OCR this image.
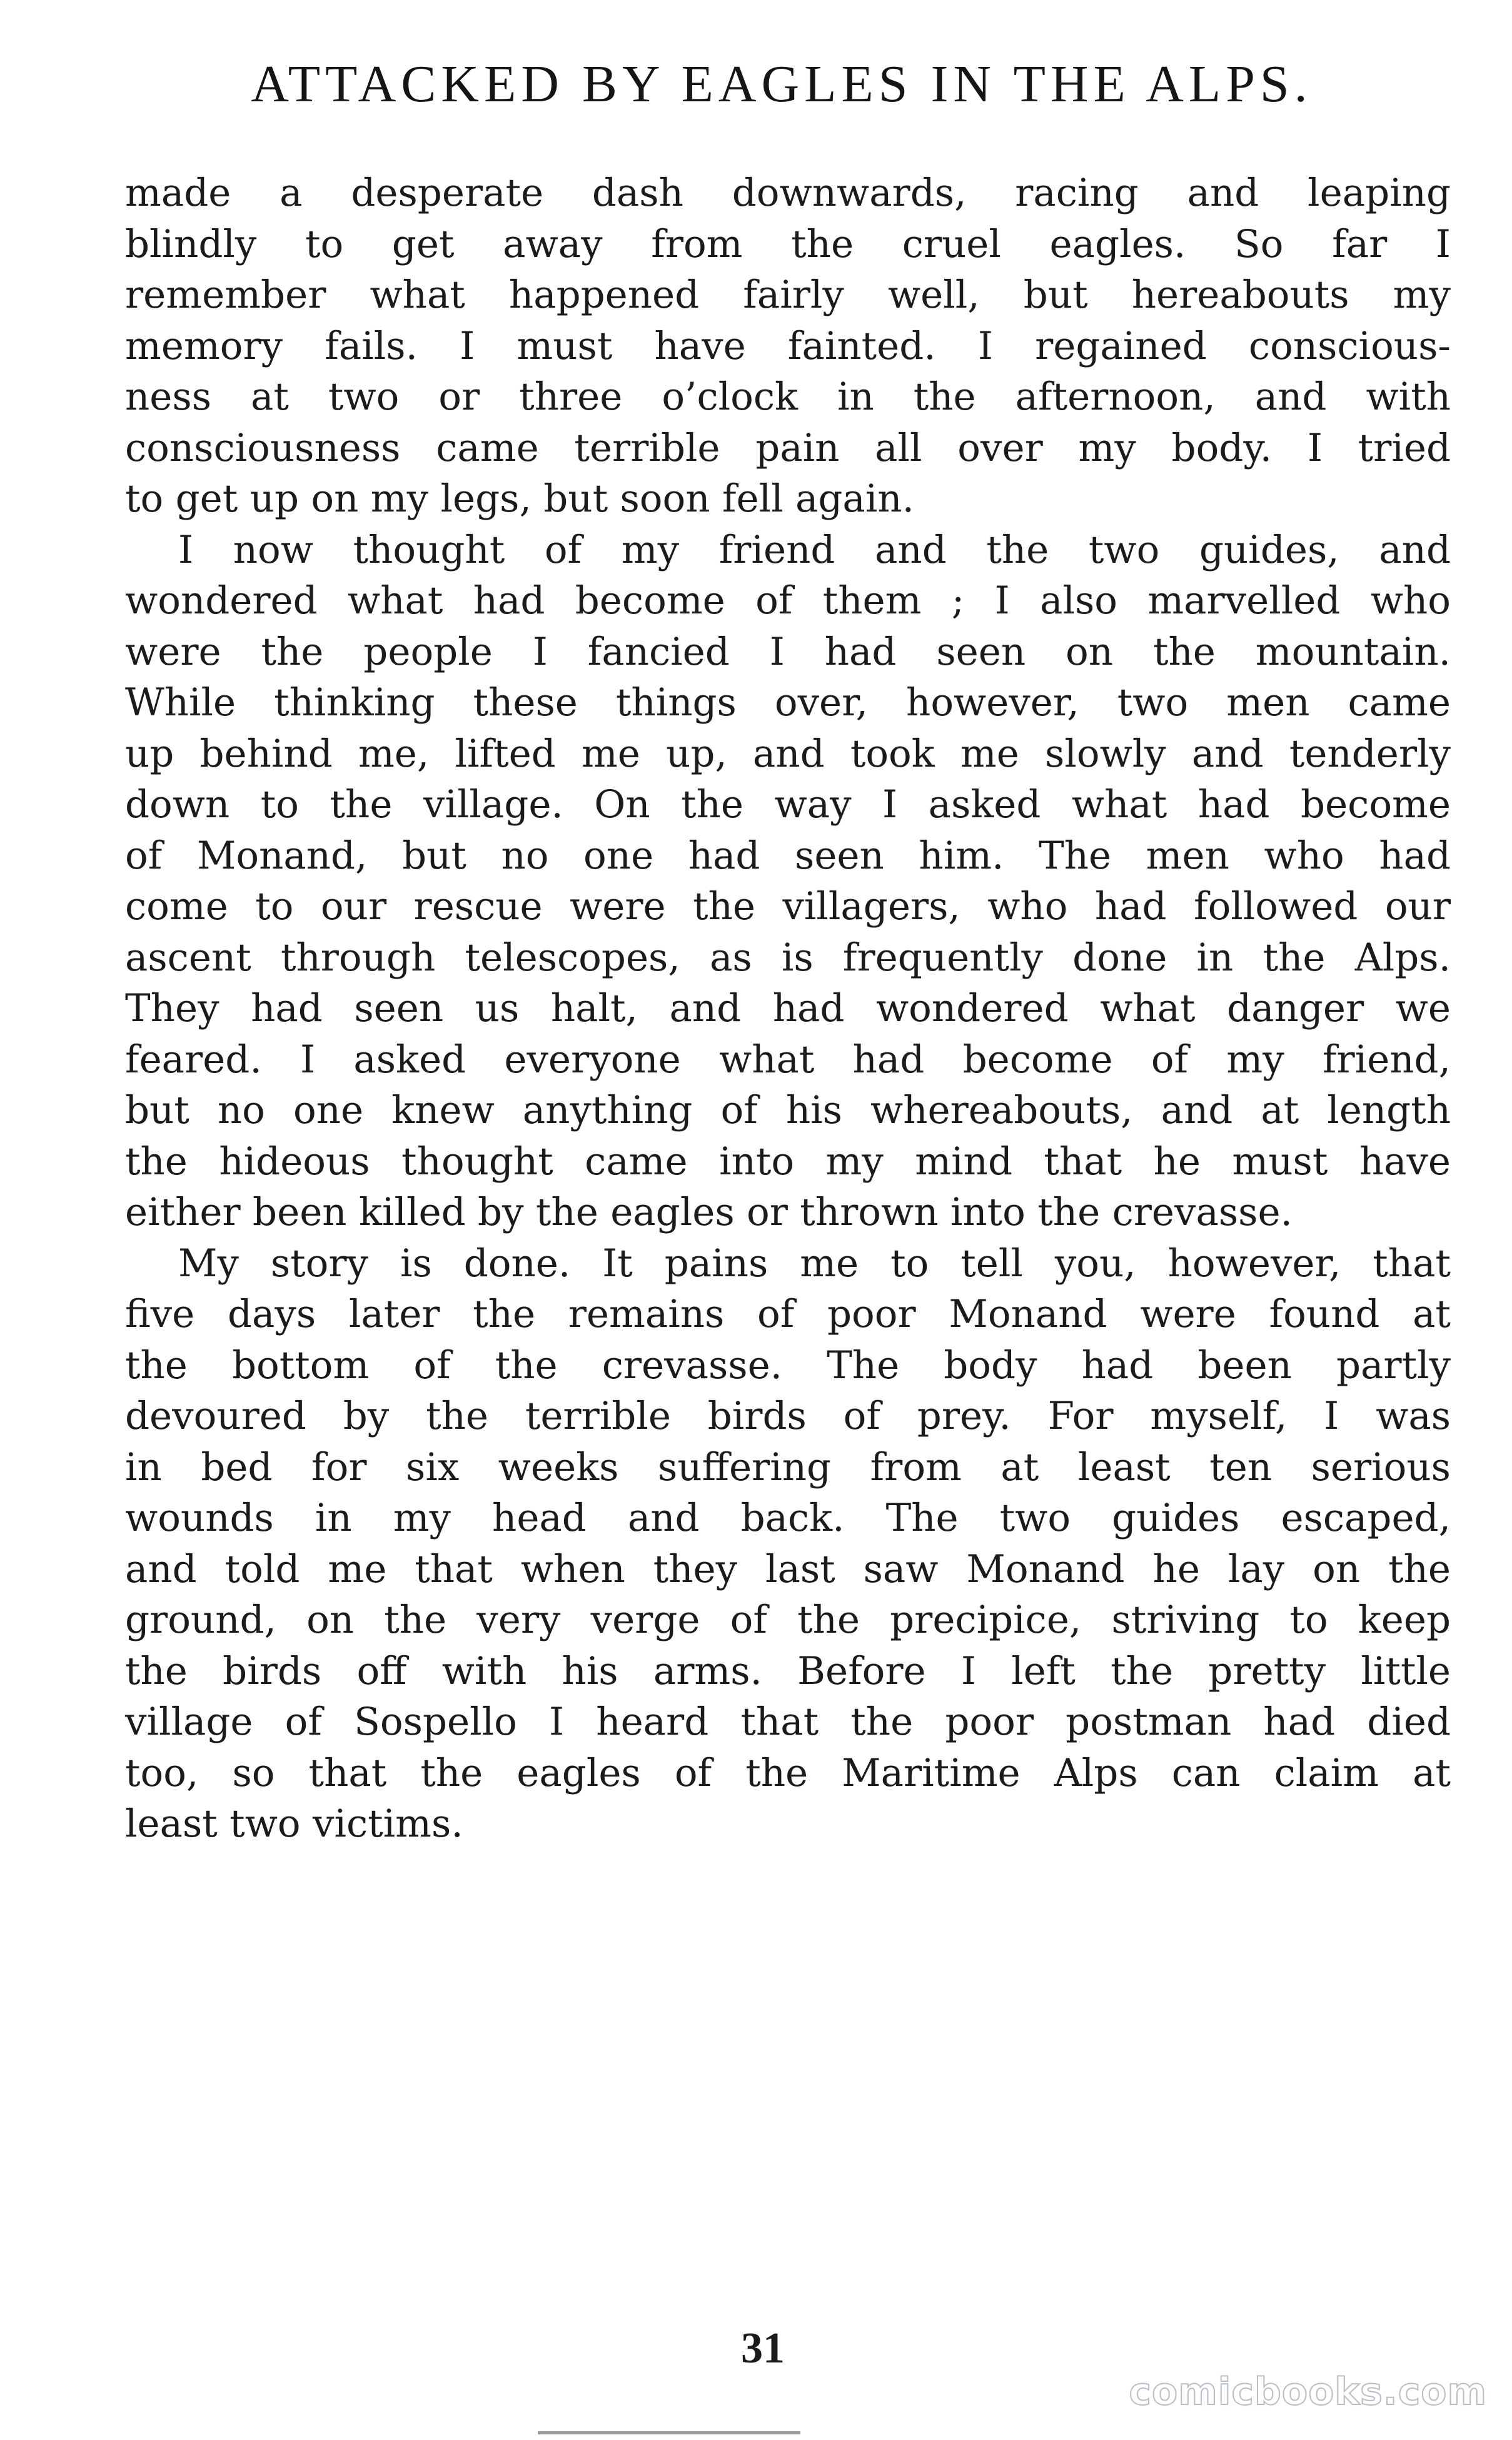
ATTACKED BY EAGLES IN THE ALPS.
made a desperate dash downwards, racing and leaping
blindly to get away from the cruel eagles. So far I
remember what happened fairly well, but hereabouts my
memory fails. I must have fainted. I regained conscious-
ness at two or three o’clock in the afternoon, and with
consciousness came terrible pain all over my body. I tried
to get up on my legs, but soon fell again.
I now thought of my friend and the two guides, and
wondered what had become of them ; I also marvelled who
were the people I fancied I had seen on the mountain.
While thinking these things over, however, two men came
up behind me, lifted me up, and took me slowly and tenderly
down to the village. On the way I asked what had become
of Monand, but no one had seen him. The men who had
come to our rescue were the villagers, who had followed our
ascent through telescopes, as is frequently done in the Alps.
They had seen us halt, and had wondered what danger we
feared. I asked everyone what had become of my friend,
but no one knew anything of his whereabouts, and at length
the hideous thought came into my mind that he must have
either been killed by the eagles or thrown into the crevasse.
My story is done. It pains me to tell you, however, that
five days later the remains of poor Monand were found at
the bottom of the crevasse. The body had been partly
devoured by the terrible birds of prey. For myself, I was
in bed for six weeks suffering from at least ten serious
wounds in my head and back. The two guides escaped,
and told me that when they last saw Monand he lay on the
ground, on the very verge of the precipice, striving to keep
the birds off with his arms. Before I left the pretty little
village of Sospello I heard that the poor postman had died
too, so that the eagles of the Maritime Alps can claim at
least two victims.
31
comicbooks.com
